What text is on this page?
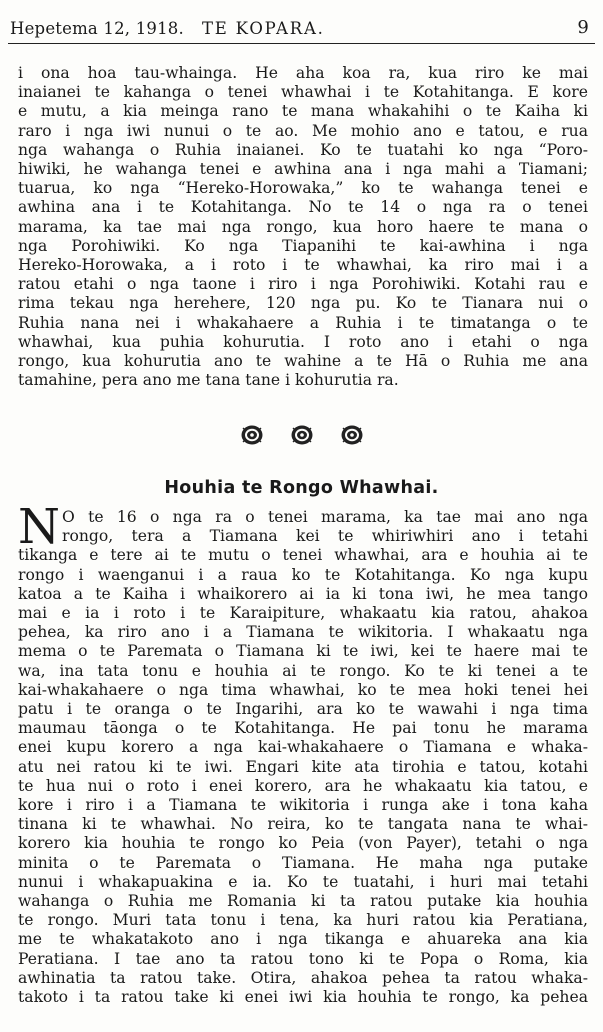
Hepetema 12, 1918. TE KOPARA.	9
i ona hoa tau-whainga. He aha koa ra, kua riro ke mai
inaianei te kahanga o tenei whawhai i te Kotahitanga. E kore
e mutu, a kia meinga rano te mana whakahihi o te Kaiha ki
raro i nga iwi nunui o te ao. Me mohio ano e tatou, e rua
nga wahanga o Ruhia inaianei. Ko te tuatahi ko nga “Poro-
hiwiki, he wahanga tenei e awhina ana i nga mahi a Tiamani;
tuarua, ko nga “Hereko-Horowaka,” ko te wahanga tenei e
awhina ana i te Kotahitanga. No te 14 o nga ra o tenei
marama, ka tae mai nga rongo, kua horo haere te mana o
nga Porohiwiki. Ko nga Tiapanihi te kai-awhina i nga
Hereko-Horowaka, a i roto i te whawhai, ka riro mai i a
ratou etahi o nga taone i riro i nga Porohiwiki. Kotahi rau e
rima tekau nga herehere, 120 nga pu. Ko te Tianara nui o
Ruhia nana nei i whakahaere a Ruhia i te timatanga o te
whawhai, kua puhia kohurutia. I roto ano i etahi o nga
rongo, kua kohurutia ano te wahine a te Hā o Ruhia me ana
tamahine, pera ano me tana tane i kohurutia ra.
Houhia te Rongo Whawhai.
N O te 16 o nga ra o tenei marama, ka tae mai ano nga
rongo, tera a Tiamana kei te whiriwhiri ano i tetahi
tikanga e tere ai te mutu o tenei whawhai, ara e houhia ai te
rongo i waenganui i a raua ko te Kotahitanga. Ko nga kupu
katoa a te Kaiha i whaikorero ai ia ki tona iwi, he mea tango
mai e ia i roto i te Karaipiture, whakaatu kia ratou, ahakoa
pehea, ka riro ano i a Tiamana te wikitoria. I whakaatu nga
mema o te Paremata o Tiamana ki te iwi, kei te haere mai te
wa, ina tata tonu e houhia ai te rongo. Ko te ki tenei a te
kai-whakahaere o nga tima whawhai, ko te mea hoki tenei hei
patu i te oranga o te Ingarihi, ara ko te wawahi i nga tima
maumau tāonga o te Kotahitanga. He pai tonu he marama
enei kupu korero a nga kai-whakahaere o Tiamana e whaka-
atu nei ratou ki te iwi. Engari kite ata tirohia e tatou, kotahi
te hua nui o roto i enei korero, ara he whakaatu kia tatou, e
kore i riro i a Tiamana te wikitoria i runga ake i tona kaha
tinana ki te whawhai. No reira, ko te tangata nana te whai-
korero kia houhia te rongo ko Peia (von Payer), tetahi o nga
minita o te Paremata o Tiamana. He maha nga putake
nunui i whakapuakina e ia. Ko te tuatahi, i huri mai tetahi
wahanga o Ruhia me Romania ki ta ratou putake kia houhia
te rongo. Muri tata tonu i tena, ka huri ratou kia Peratiana,
me te whakatakoto ano i nga tikanga e ahuareka ana kia
Peratiana. I tae ano ta ratou tono ki te Popa o Roma, kia
awhinatia ta ratou take. Otira, ahakoa pehea ta ratou whaka-
takoto i ta ratou take ki enei iwi kia houhia te rongo, ka pehea
